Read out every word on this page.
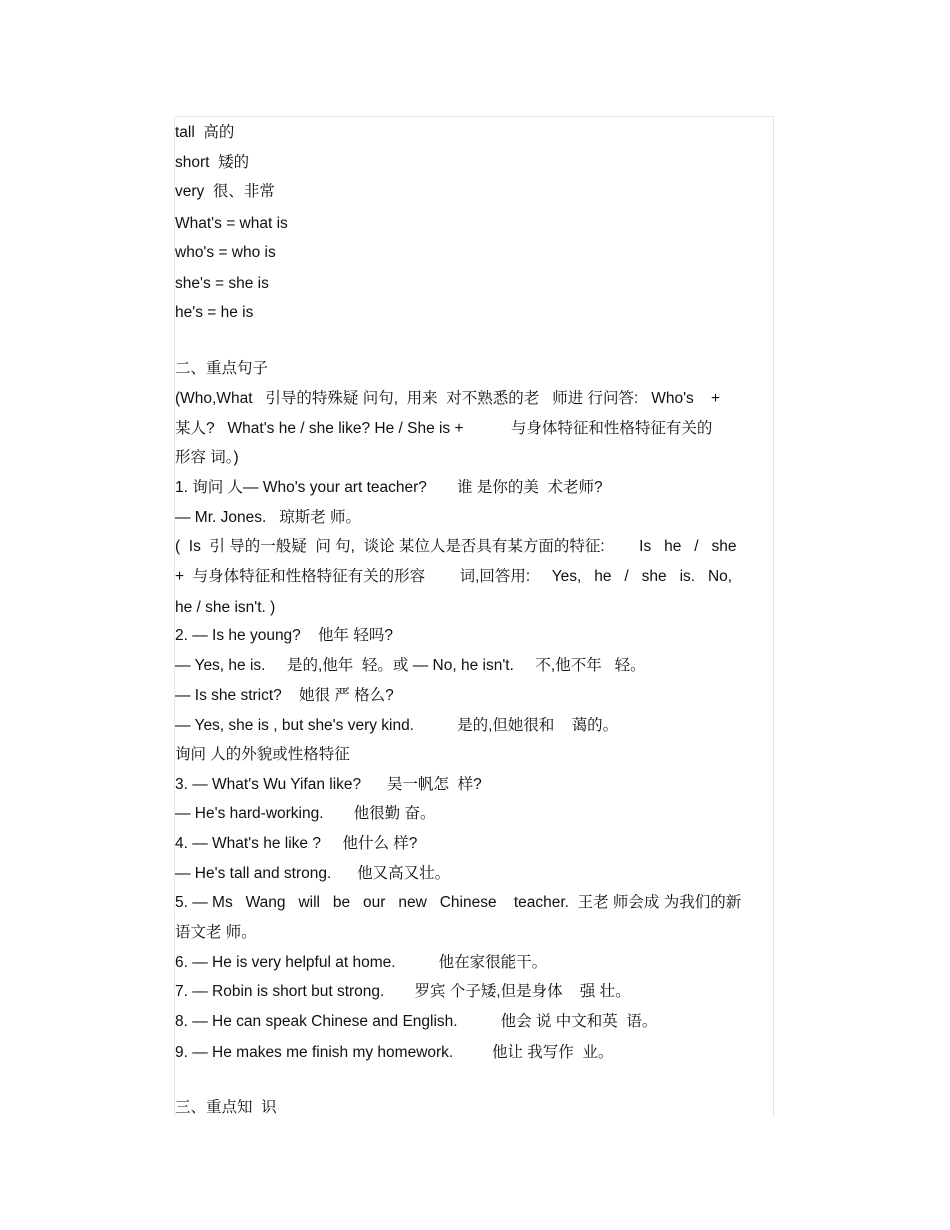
tall  高的
short  矮的
very  很、非常
What's = what is
who's = who is
she's = she is
he's = he is
二、重点句子
(Who,What   引导的特殊疑 问句,  用来  对不熟悉的老   师进 行问答:   Who's    +
某人?   What's he / she like? He / She is +           与身体特征和性格特征有关的
形容 词。)
1. 询问 人— Who's your art teacher?       谁 是你的美  术老师?
— Mr. Jones.   琼斯老 师。
(  Is  引 导的一般疑  问 句,  谈论 某位人是否具有某方面的特征:        Is   he   /   she
+  与身体特征和性格特征有关的形容        词,回答用:     Yes,   he   /   she   is.   No,
he / she isn't. )
2. — Is he young?    他年 轻吗?
— Yes, he is.     是的,他年  轻。或 — No, he isn't.     不,他不年   轻。
— Is she strict?    她很 严 格么?
— Yes, she is , but she's very kind.          是的,但她很和    蔼的。
询问 人的外貌或性格特征
3. — What's Wu Yifan like?      吴一帆怎  样?
— He's hard-working.       他很勤 奋。
4. — What's he like ?     他什么 样?
— He's tall and strong.      他又高又壮。
5. — Ms   Wang   will   be   our   new   Chinese    teacher.  王老 师会成 为我们的新
语文老 师。
6. — He is very helpful at home.          他在家很能干。
7. — Robin is short but strong.       罗宾 个子矮,但是身体    强 壮。
8. — He can speak Chinese and English.          他会 说 中文和英  语。
9. — He makes me finish my homework.         他让 我写作  业。
三、重点知  识
